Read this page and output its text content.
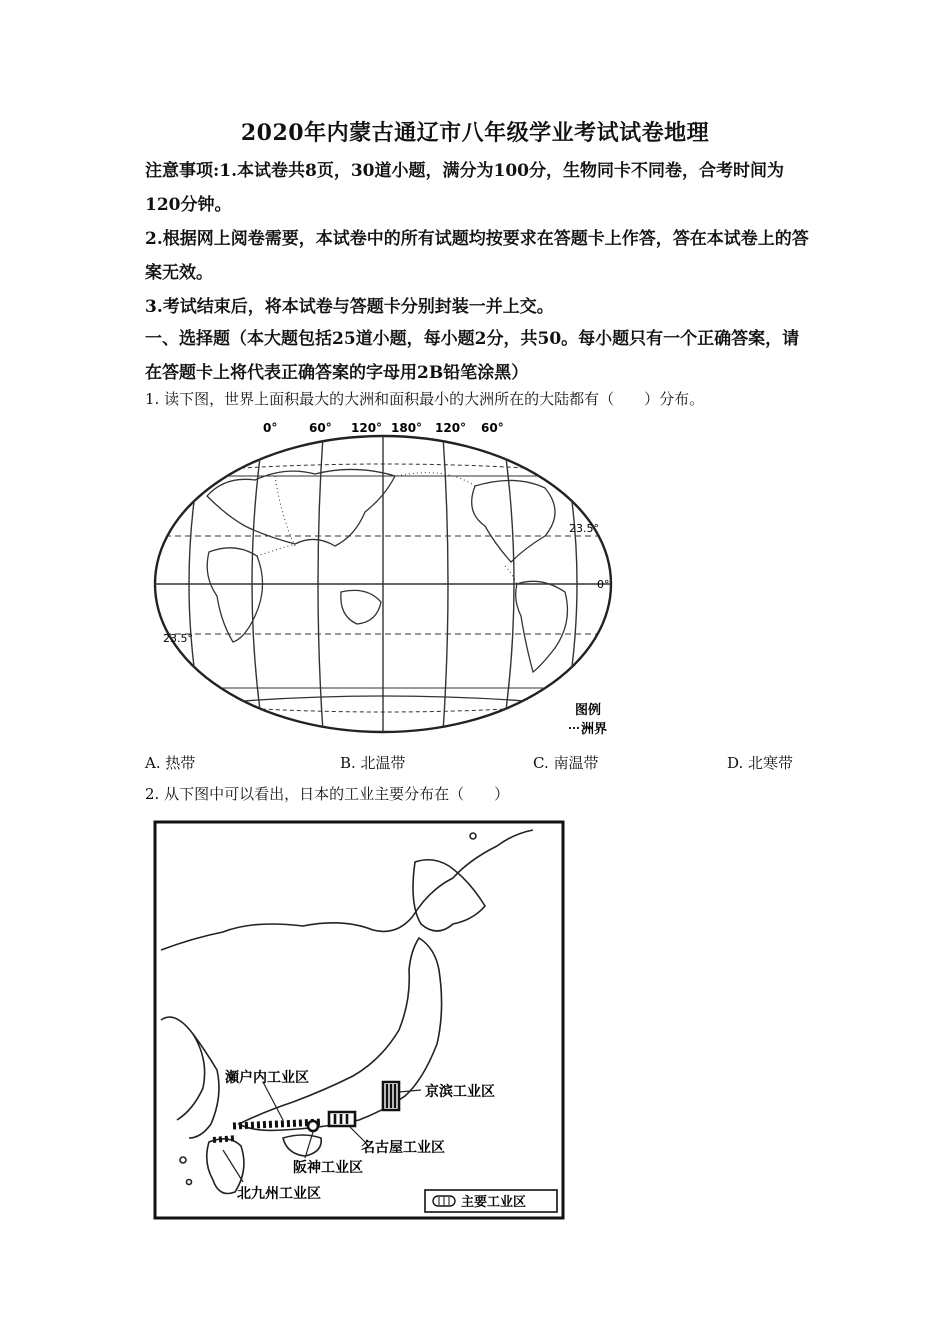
2020年内蒙古通辽市八年级学业考试试卷地理
注意事项:1.本试卷共8页，30道小题，满分为100分，生物同卡不同卷，合考时间为120分钟。
2.根据网上阅卷需要，本试卷中的所有试题均按要求在答题卡上作答，答在本试卷上的答案无效。
3.考试结束后，将本试卷与答题卡分别封装一并上交。
一、选择题（本大题包括25道小题，每小题2分，共50。每小题只有一个正确答案，请在答题卡上将代表正确答案的字母用2B铅笔涂黑）
1. 读下图，世界上面积最大的大洲和面积最小的大洲所在的大陆都有（　　）分布。
0°	60° 120° 180° 120° 60°
23.5°
0°
23.5°
图例
洲界
A. 热带	B. 北温带	C. 南温带	D. 北寒带
2. 从下图中可以看出，日本的工业主要分布在（　　）
瀬户内工业区
京滨工业区
名古屋工业区
阪神工业区
北九州工业区
主要工业区
